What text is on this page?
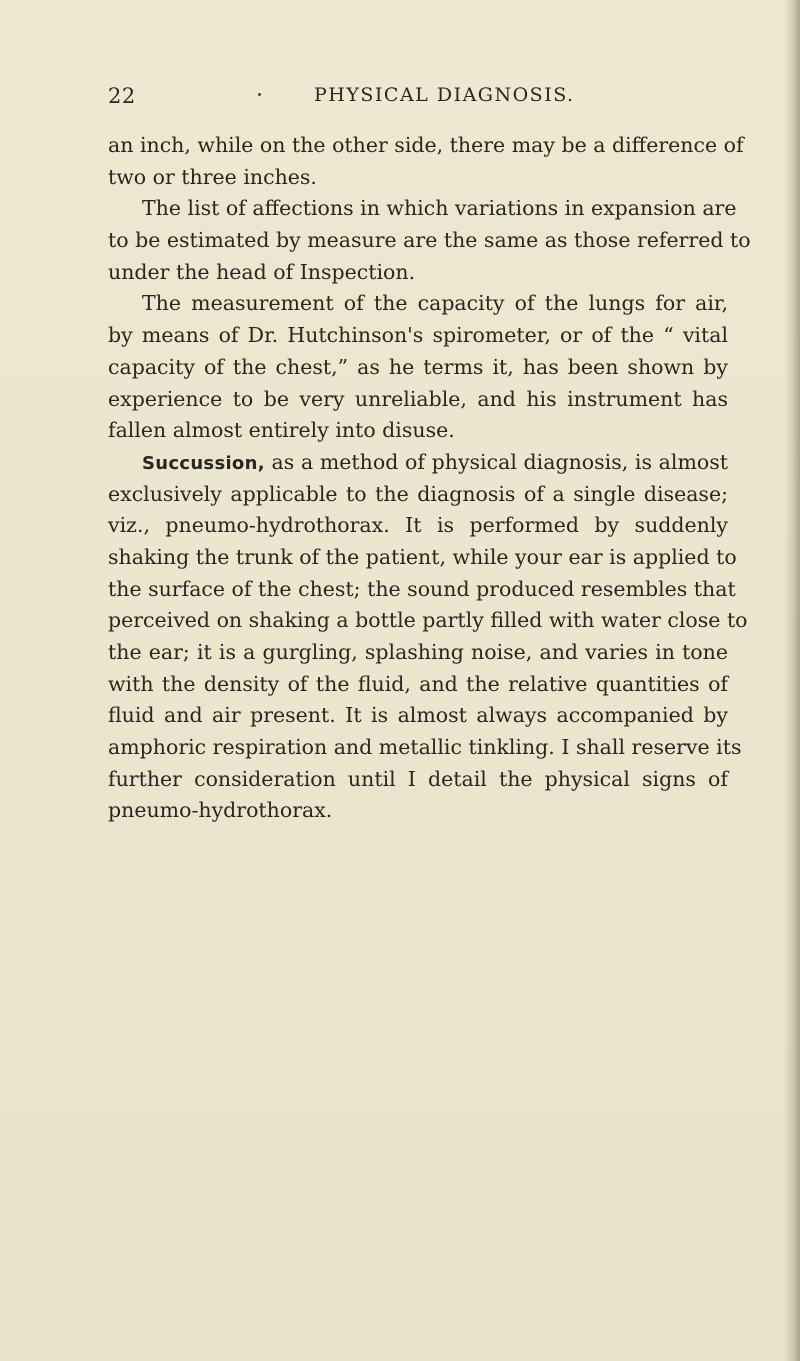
22	PHYSICAL DIAGNOSIS.
an inch, while on the other side, there may be a difference of
two or three inches.
The list of affections in which variations in expansion are
to be estimated by measure are the same as those referred to
under the head of Inspection.
The measurement of the capacity of the lungs for air,
by means of Dr. Hutchinson's spirometer, or of the “ vital
capacity of the chest,” as he terms it, has been shown by
experience to be very unreliable, and his instrument has
fallen almost entirely into disuse.
Succussion, as a method of physical diagnosis, is almost
exclusively applicable to the diagnosis of a single disease;
viz., pneumo-hydrothorax. It is performed by suddenly
shaking the trunk of the patient, while your ear is applied to
the surface of the chest; the sound produced resembles that
perceived on shaking a bottle partly filled with water close to
the ear; it is a gurgling, splashing noise, and varies in tone
with the density of the fluid, and the relative quantities of
fluid and air present. It is almost always accompanied by
amphoric respiration and metallic tinkling. I shall reserve its
further consideration until I detail the physical signs of
pneumo-hydrothorax.
